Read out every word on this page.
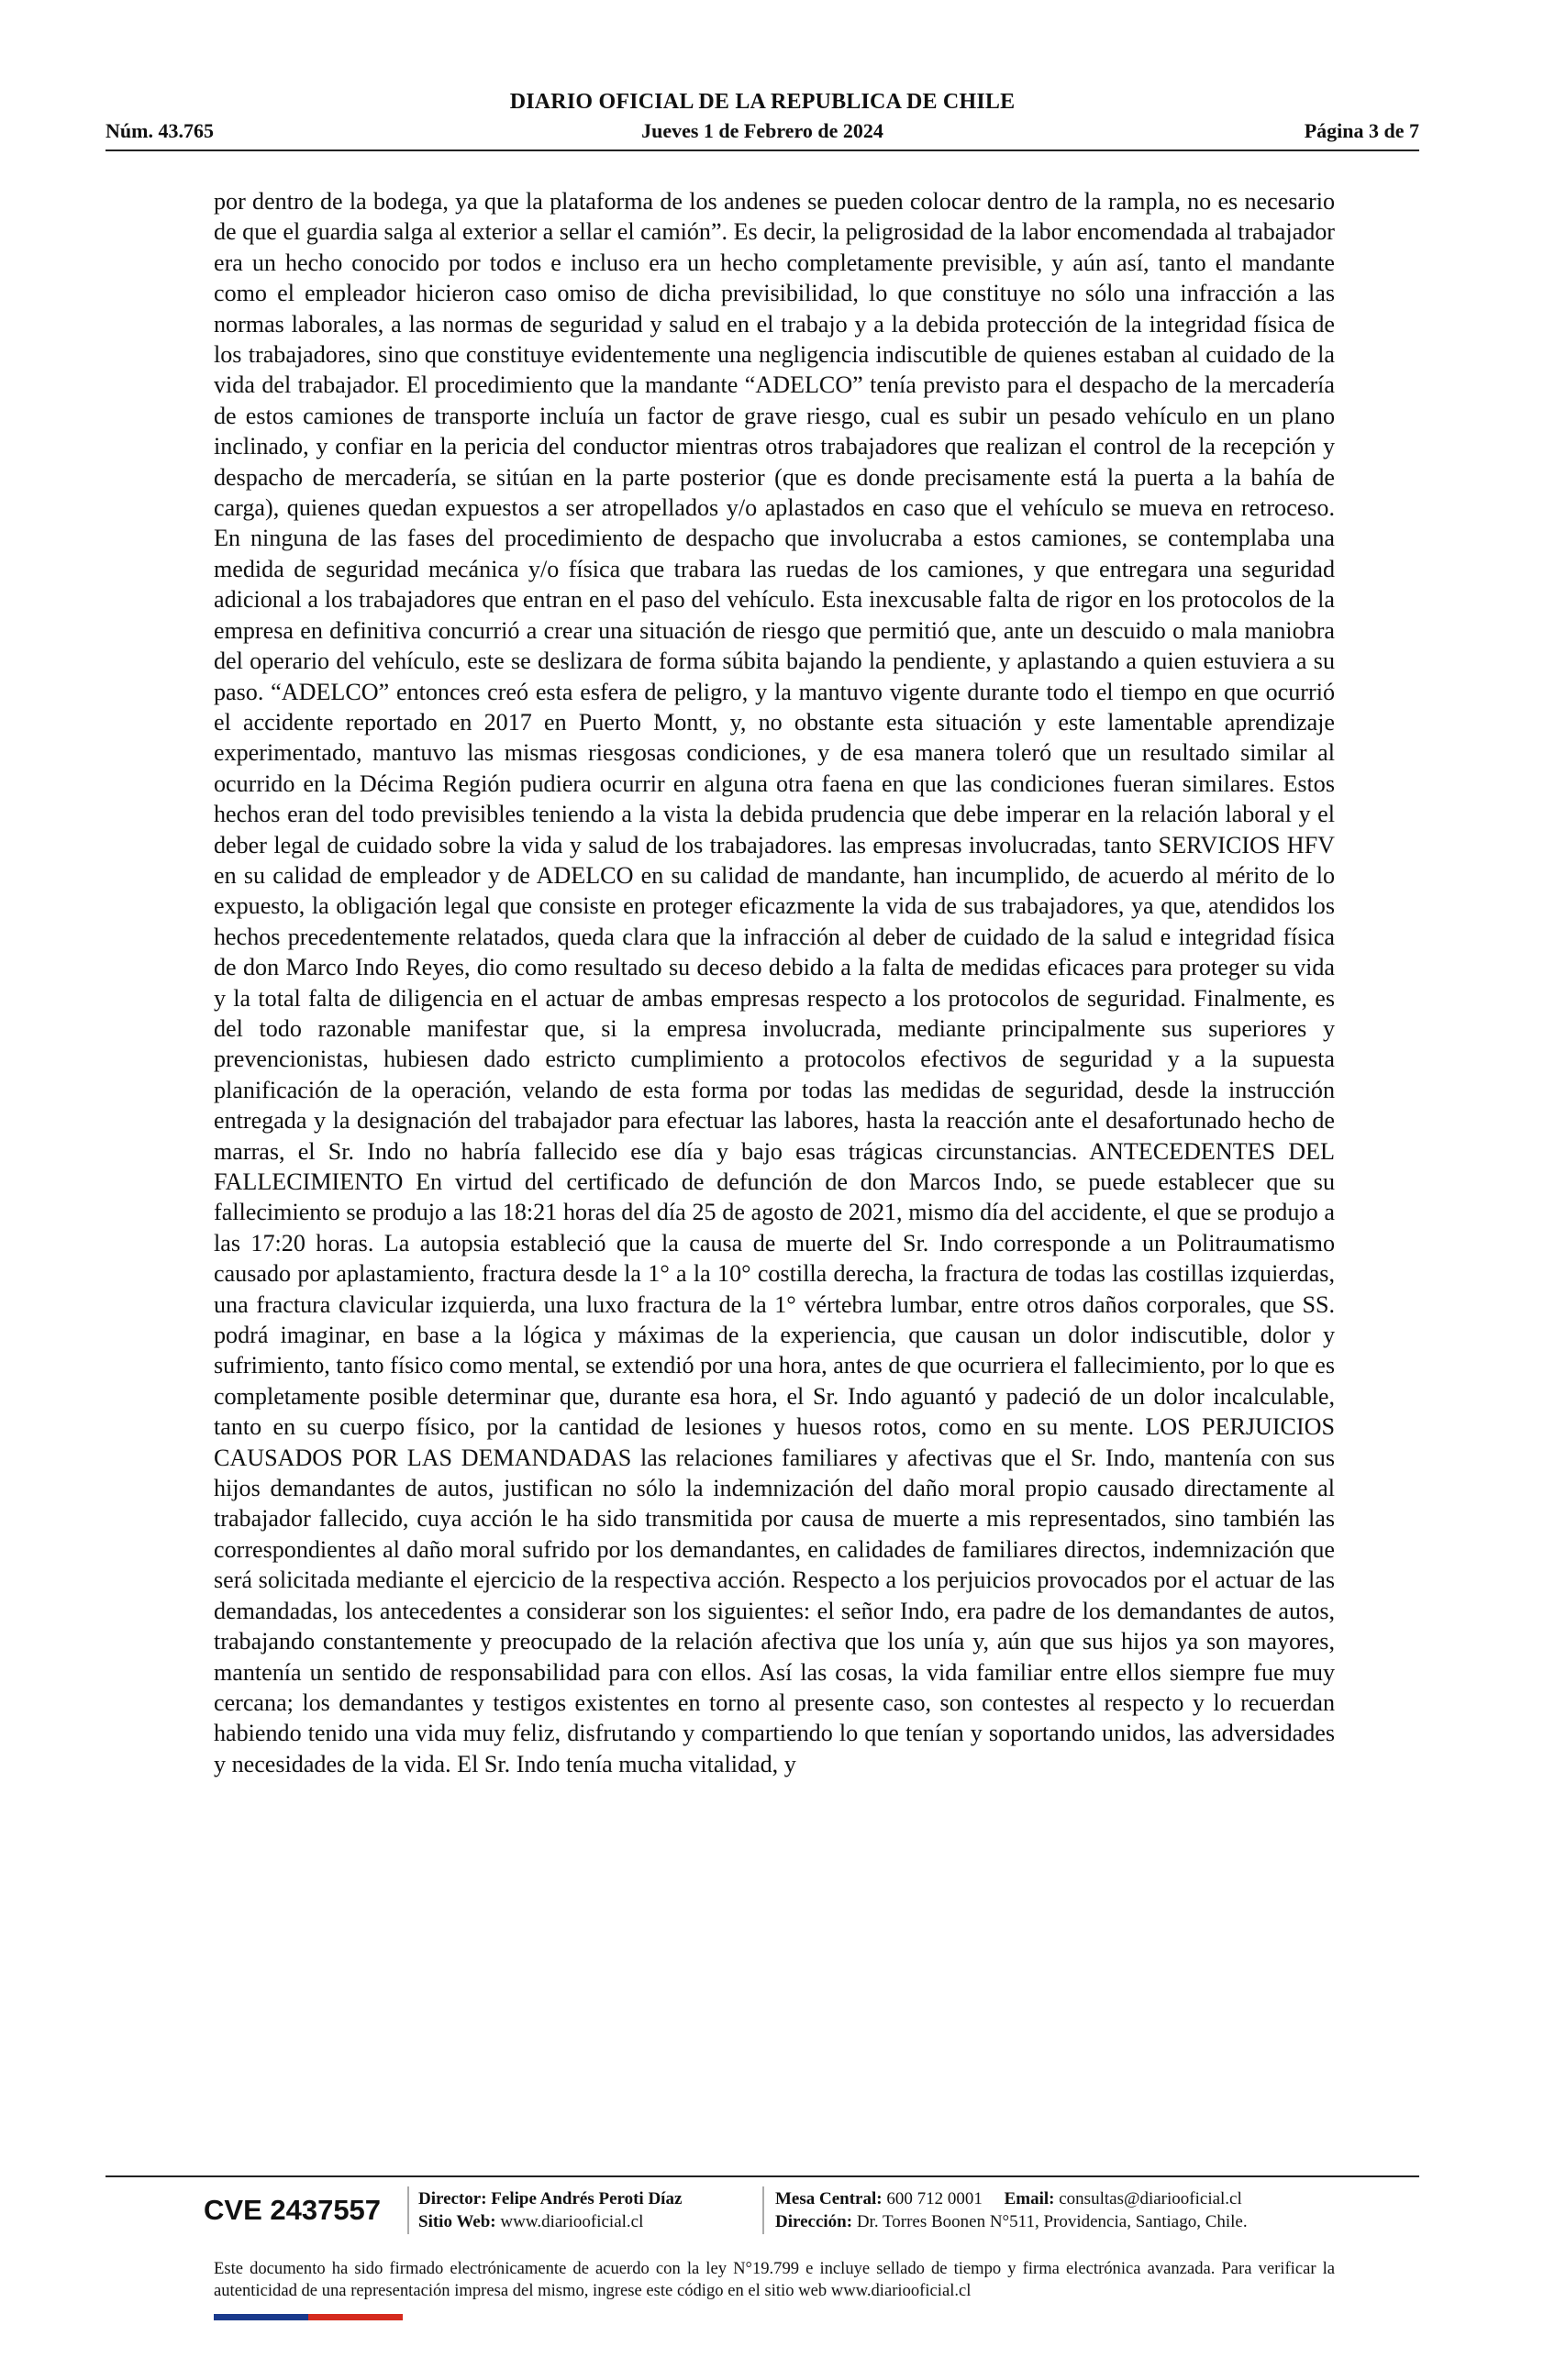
DIARIO OFICIAL DE LA REPUBLICA DE CHILE
Núm. 43.765	Jueves 1 de Febrero de 2024	Página 3 de 7
por dentro de la bodega, ya que la plataforma de los andenes se pueden colocar dentro de la rampla, no es necesario de que el guardia salga al exterior a sellar el camión”. Es decir, la peligrosidad de la labor encomendada al trabajador era un hecho conocido por todos e incluso era un hecho completamente previsible, y aún así, tanto el mandante como el empleador hicieron caso omiso de dicha previsibilidad, lo que constituye no sólo una infracción a las normas laborales, a las normas de seguridad y salud en el trabajo y a la debida protección de la integridad física de los trabajadores, sino que constituye evidentemente una negligencia indiscutible de quienes estaban al cuidado de la vida del trabajador. El procedimiento que la mandante “ADELCO” tenía previsto para el despacho de la mercadería de estos camiones de transporte incluía un factor de grave riesgo, cual es subir un pesado vehículo en un plano inclinado, y confiar en la pericia del conductor mientras otros trabajadores que realizan el control de la recepción y despacho de mercadería, se sitúan en la parte posterior (que es donde precisamente está la puerta a la bahía de carga), quienes quedan expuestos a ser atropellados y/o aplastados en caso que el vehículo se mueva en retroceso. En ninguna de las fases del procedimiento de despacho que involucraba a estos camiones, se contemplaba una medida de seguridad mecánica y/o física que trabara las ruedas de los camiones, y que entregara una seguridad adicional a los trabajadores que entran en el paso del vehículo. Esta inexcusable falta de rigor en los protocolos de la empresa en definitiva concurrió a crear una situación de riesgo que permitió que, ante un descuido o mala maniobra del operario del vehículo, este se deslizara de forma súbita bajando la pendiente, y aplastando a quien estuviera a su paso. “ADELCO” entonces creó esta esfera de peligro, y la mantuvo vigente durante todo el tiempo en que ocurrió el accidente reportado en 2017 en Puerto Montt, y, no obstante esta situación y este lamentable aprendizaje experimentado, mantuvo las mismas riesgosas condiciones, y de esa manera toleró que un resultado similar al ocurrido en la Décima Región pudiera ocurrir en alguna otra faena en que las condiciones fueran similares. Estos hechos eran del todo previsibles teniendo a la vista la debida prudencia que debe imperar en la relación laboral y el deber legal de cuidado sobre la vida y salud de los trabajadores. las empresas involucradas, tanto SERVICIOS HFV en su calidad de empleador y de ADELCO en su calidad de mandante, han incumplido, de acuerdo al mérito de lo expuesto, la obligación legal que consiste en proteger eficazmente la vida de sus trabajadores, ya que, atendidos los hechos precedentemente relatados, queda clara que la infracción al deber de cuidado de la salud e integridad física de don Marco Indo Reyes, dio como resultado su deceso debido a la falta de medidas eficaces para proteger su vida y la total falta de diligencia en el actuar de ambas empresas respecto a los protocolos de seguridad. Finalmente, es del todo razonable manifestar que, si la empresa involucrada, mediante principalmente sus superiores y prevencionistas, hubiesen dado estricto cumplimiento a protocolos efectivos de seguridad y a la supuesta planificación de la operación, velando de esta forma por todas las medidas de seguridad, desde la instrucción entregada y la designación del trabajador para efectuar las labores, hasta la reacción ante el desafortunado hecho de marras, el Sr. Indo no habría fallecido ese día y bajo esas trágicas circunstancias. ANTECEDENTES DEL FALLECIMIENTO En virtud del certificado de defunción de don Marcos Indo, se puede establecer que su fallecimiento se produjo a las 18:21 horas del día 25 de agosto de 2021, mismo día del accidente, el que se produjo a las 17:20 horas. La autopsia estableció que la causa de muerte del Sr. Indo corresponde a un Politraumatismo causado por aplastamiento, fractura desde la 1° a la 10° costilla derecha, la fractura de todas las costillas izquierdas, una fractura clavicular izquierda, una luxo fractura de la 1° vértebra lumbar, entre otros daños corporales, que SS. podrá imaginar, en base a la lógica y máximas de la experiencia, que causan un dolor indiscutible, dolor y sufrimiento, tanto físico como mental, se extendió por una hora, antes de que ocurriera el fallecimiento, por lo que es completamente posible determinar que, durante esa hora, el Sr. Indo aguantó y padeció de un dolor incalculable, tanto en su cuerpo físico, por la cantidad de lesiones y huesos rotos, como en su mente. LOS PERJUICIOS CAUSADOS POR LAS DEMANDADAS las relaciones familiares y afectivas que el Sr. Indo, mantenía con sus hijos demandantes de autos, justifican no sólo la indemnización del daño moral propio causado directamente al trabajador fallecido, cuya acción le ha sido transmitida por causa de muerte a mis representados, sino también las correspondientes al daño moral sufrido por los demandantes, en calidades de familiares directos, indemnización que será solicitada mediante el ejercicio de la respectiva acción. Respecto a los perjuicios provocados por el actuar de las demandadas, los antecedentes a considerar son los siguientes: el señor Indo, era padre de los demandantes de autos, trabajando constantemente y preocupado de la relación afectiva que los unía y, aún que sus hijos ya son mayores, mantenía un sentido de responsabilidad para con ellos. Así las cosas, la vida familiar entre ellos siempre fue muy cercana; los demandantes y testigos existentes en torno al presente caso, son contestes al respecto y lo recuerdan habiendo tenido una vida muy feliz, disfrutando y compartiendo lo que tenían y soportando unidos, las adversidades y necesidades de la vida. El Sr. Indo tenía mucha vitalidad, y
CVE 2437557 Director: Felipe Andrés Peroti Díaz
Sitio Web: www.diariooficial.cl
Mesa Central: 600 712 0001 Email: consultas@diariooficial.cl
Dirección: Dr. Torres Boonen N°511, Providencia, Santiago, Chile.
Este documento ha sido firmado electrónicamente de acuerdo con la ley N°19.799 e incluye sellado de tiempo y firma electrónica avanzada. Para verificar la autenticidad de una representación impresa del mismo, ingrese este código en el sitio web www.diariooficial.cl
